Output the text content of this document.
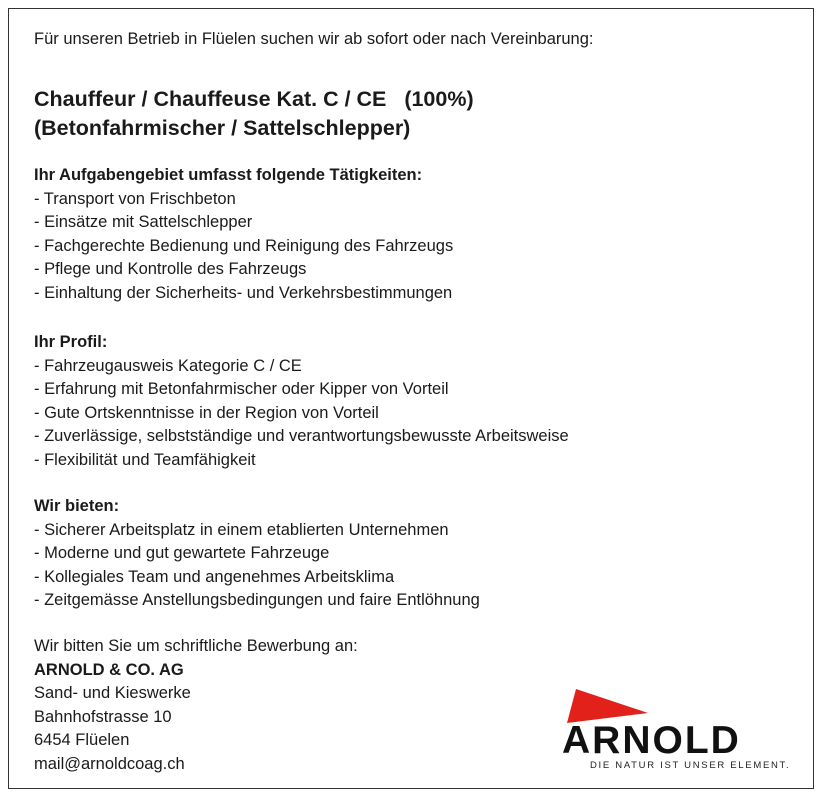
Für unseren Betrieb in Flüelen suchen wir ab sofort oder nach Vereinbarung:
Chauffeur / Chauffeuse Kat. C / CE   (100%)
(Betonfahrmischer / Sattelschlepper)
Ihr Aufgabengebiet umfasst folgende Tätigkeiten:
- Transport von Frischbeton
- Einsätze mit Sattelschlepper
- Fachgerechte Bedienung und Reinigung des Fahrzeugs
- Pflege und Kontrolle des Fahrzeugs
- Einhaltung der Sicherheits- und Verkehrsbestimmungen
Ihr Profil:
- Fahrzeugausweis Kategorie C / CE
- Erfahrung mit Betonfahrmischer oder Kipper von Vorteil
- Gute Ortskenntnisse in der Region von Vorteil
- Zuverlässige, selbstständige und verantwortungsbewusste Arbeitsweise
- Flexibilität und Teamfähigkeit
Wir bieten:
- Sicherer Arbeitsplatz in einem etablierten Unternehmen
- Moderne und gut gewartete Fahrzeuge
- Kollegiales Team und angenehmes Arbeitsklima
- Zeitgemässe Anstellungsbedingungen und faire Entlöhnung
Wir bitten Sie um schriftliche Bewerbung an:
ARNOLD & CO. AG
Sand- und Kieswerke
Bahnhofstrasse 10
6454 Flüelen
mail@arnoldcoag.ch
ARNOLD
DIE NATUR IST UNSER ELEMENT.
